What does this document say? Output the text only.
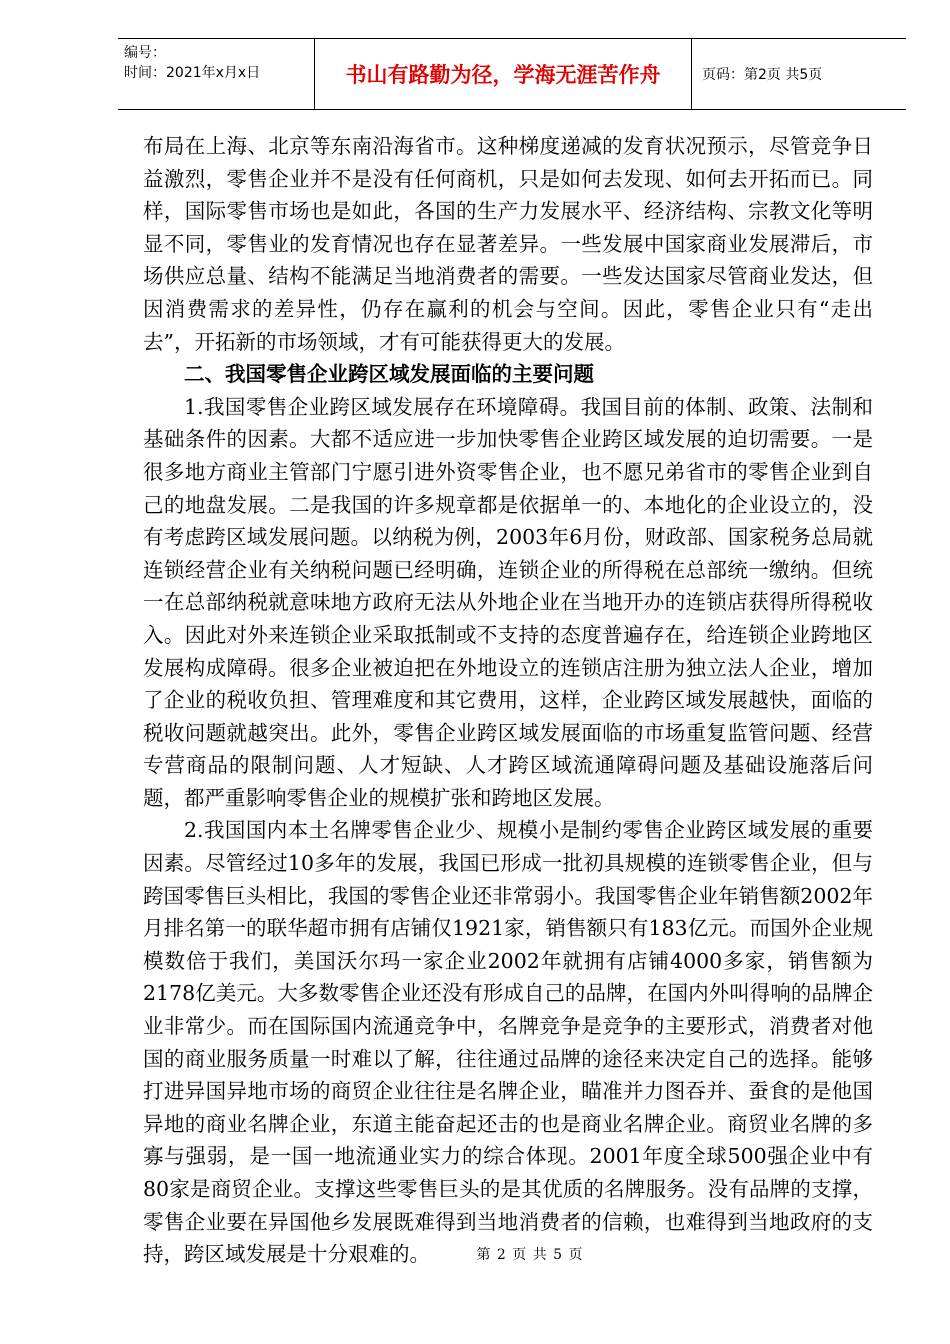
编号：
时间：2021年x月x日	书山有路勤为径，学海无涯苦作舟	页码：第2页 共5页

布局在上海、北京等东南沿海省市。这种梯度递减的发育状况预示，尽管竞争日益激烈，零售企业并不是没有任何商机，只是如何去发现、如何去开拓而已。同样，国际零售市场也是如此，各国的生产力发展水平、经济结构、宗教文化等明显不同，零售业的发育情况也存在显著差异。一些发展中国家商业发展滞后，市场供应总量、结构不能满足当地消费者的需要。一些发达国家尽管商业发达，但因消费需求的差异性，仍存在赢利的机会与空间。因此，零售企业只有“走出去”，开拓新的市场领域，才有可能获得更大的发展。

二、我国零售企业跨区域发展面临的主要问题

1.我国零售企业跨区域发展存在环境障碍。我国目前的体制、政策、法制和基础条件的因素。大都不适应进一步加快零售企业跨区域发展的迫切需要。一是很多地方商业主管部门宁愿引进外资零售企业，也不愿兄弟省市的零售企业到自己的地盘发展。二是我国的许多规章都是依据单一的、本地化的企业设立的，没有考虑跨区域发展问题。以纳税为例，2003年6月份，财政部、国家税务总局就连锁经营企业有关纳税问题已经明确，连锁企业的所得税在总部统一缴纳。但统一在总部纳税就意味地方政府无法从外地企业在当地开办的连锁店获得所得税收入。因此对外来连锁企业采取抵制或不支持的态度普遍存在，给连锁企业跨地区发展构成障碍。很多企业被迫把在外地设立的连锁店注册为独立法人企业，增加了企业的税收负担、管理难度和其它费用，这样，企业跨区域发展越快，面临的税收问题就越突出。此外，零售企业跨区域发展面临的市场重复监管问题、经营专营商品的限制问题、人才短缺、人才跨区域流通障碍问题及基础设施落后问题，都严重影响零售企业的规模扩张和跨地区发展。

2.我国国内本土名牌零售企业少、规模小是制约零售企业跨区域发展的重要因素。尽管经过10多年的发展，我国已形成一批初具规模的连锁零售企业，但与跨国零售巨头相比，我国的零售企业还非常弱小。我国零售企业年销售额2002年月排名第一的联华超市拥有店铺仅1921家，销售额只有183亿元。而国外企业规模数倍于我们，美国沃尔玛一家企业2002年就拥有店铺4000多家，销售额为2178亿美元。大多数零售企业还没有形成自己的品牌，在国内外叫得响的品牌企业非常少。而在国际国内流通竞争中，名牌竞争是竞争的主要形式，消费者对他国的商业服务质量一时难以了解，往往通过品牌的途径来决定自己的选择。能够打进异国异地市场的商贸企业往往是名牌企业，瞄准并力图吞并、蚕食的是他国异地的商业名牌企业，东道主能奋起还击的也是商业名牌企业。商贸业名牌的多寡与强弱，是一国一地流通业实力的综合体现。2001年度全球500强企业中有80家是商贸企业。支撑这些零售巨头的是其优质的名牌服务。没有品牌的支撑，零售企业要在异国他乡发展既难得到当地消费者的信赖，也难得到当地政府的支持，跨区域发展是十分艰难的。	第 2 页 共 5 页
